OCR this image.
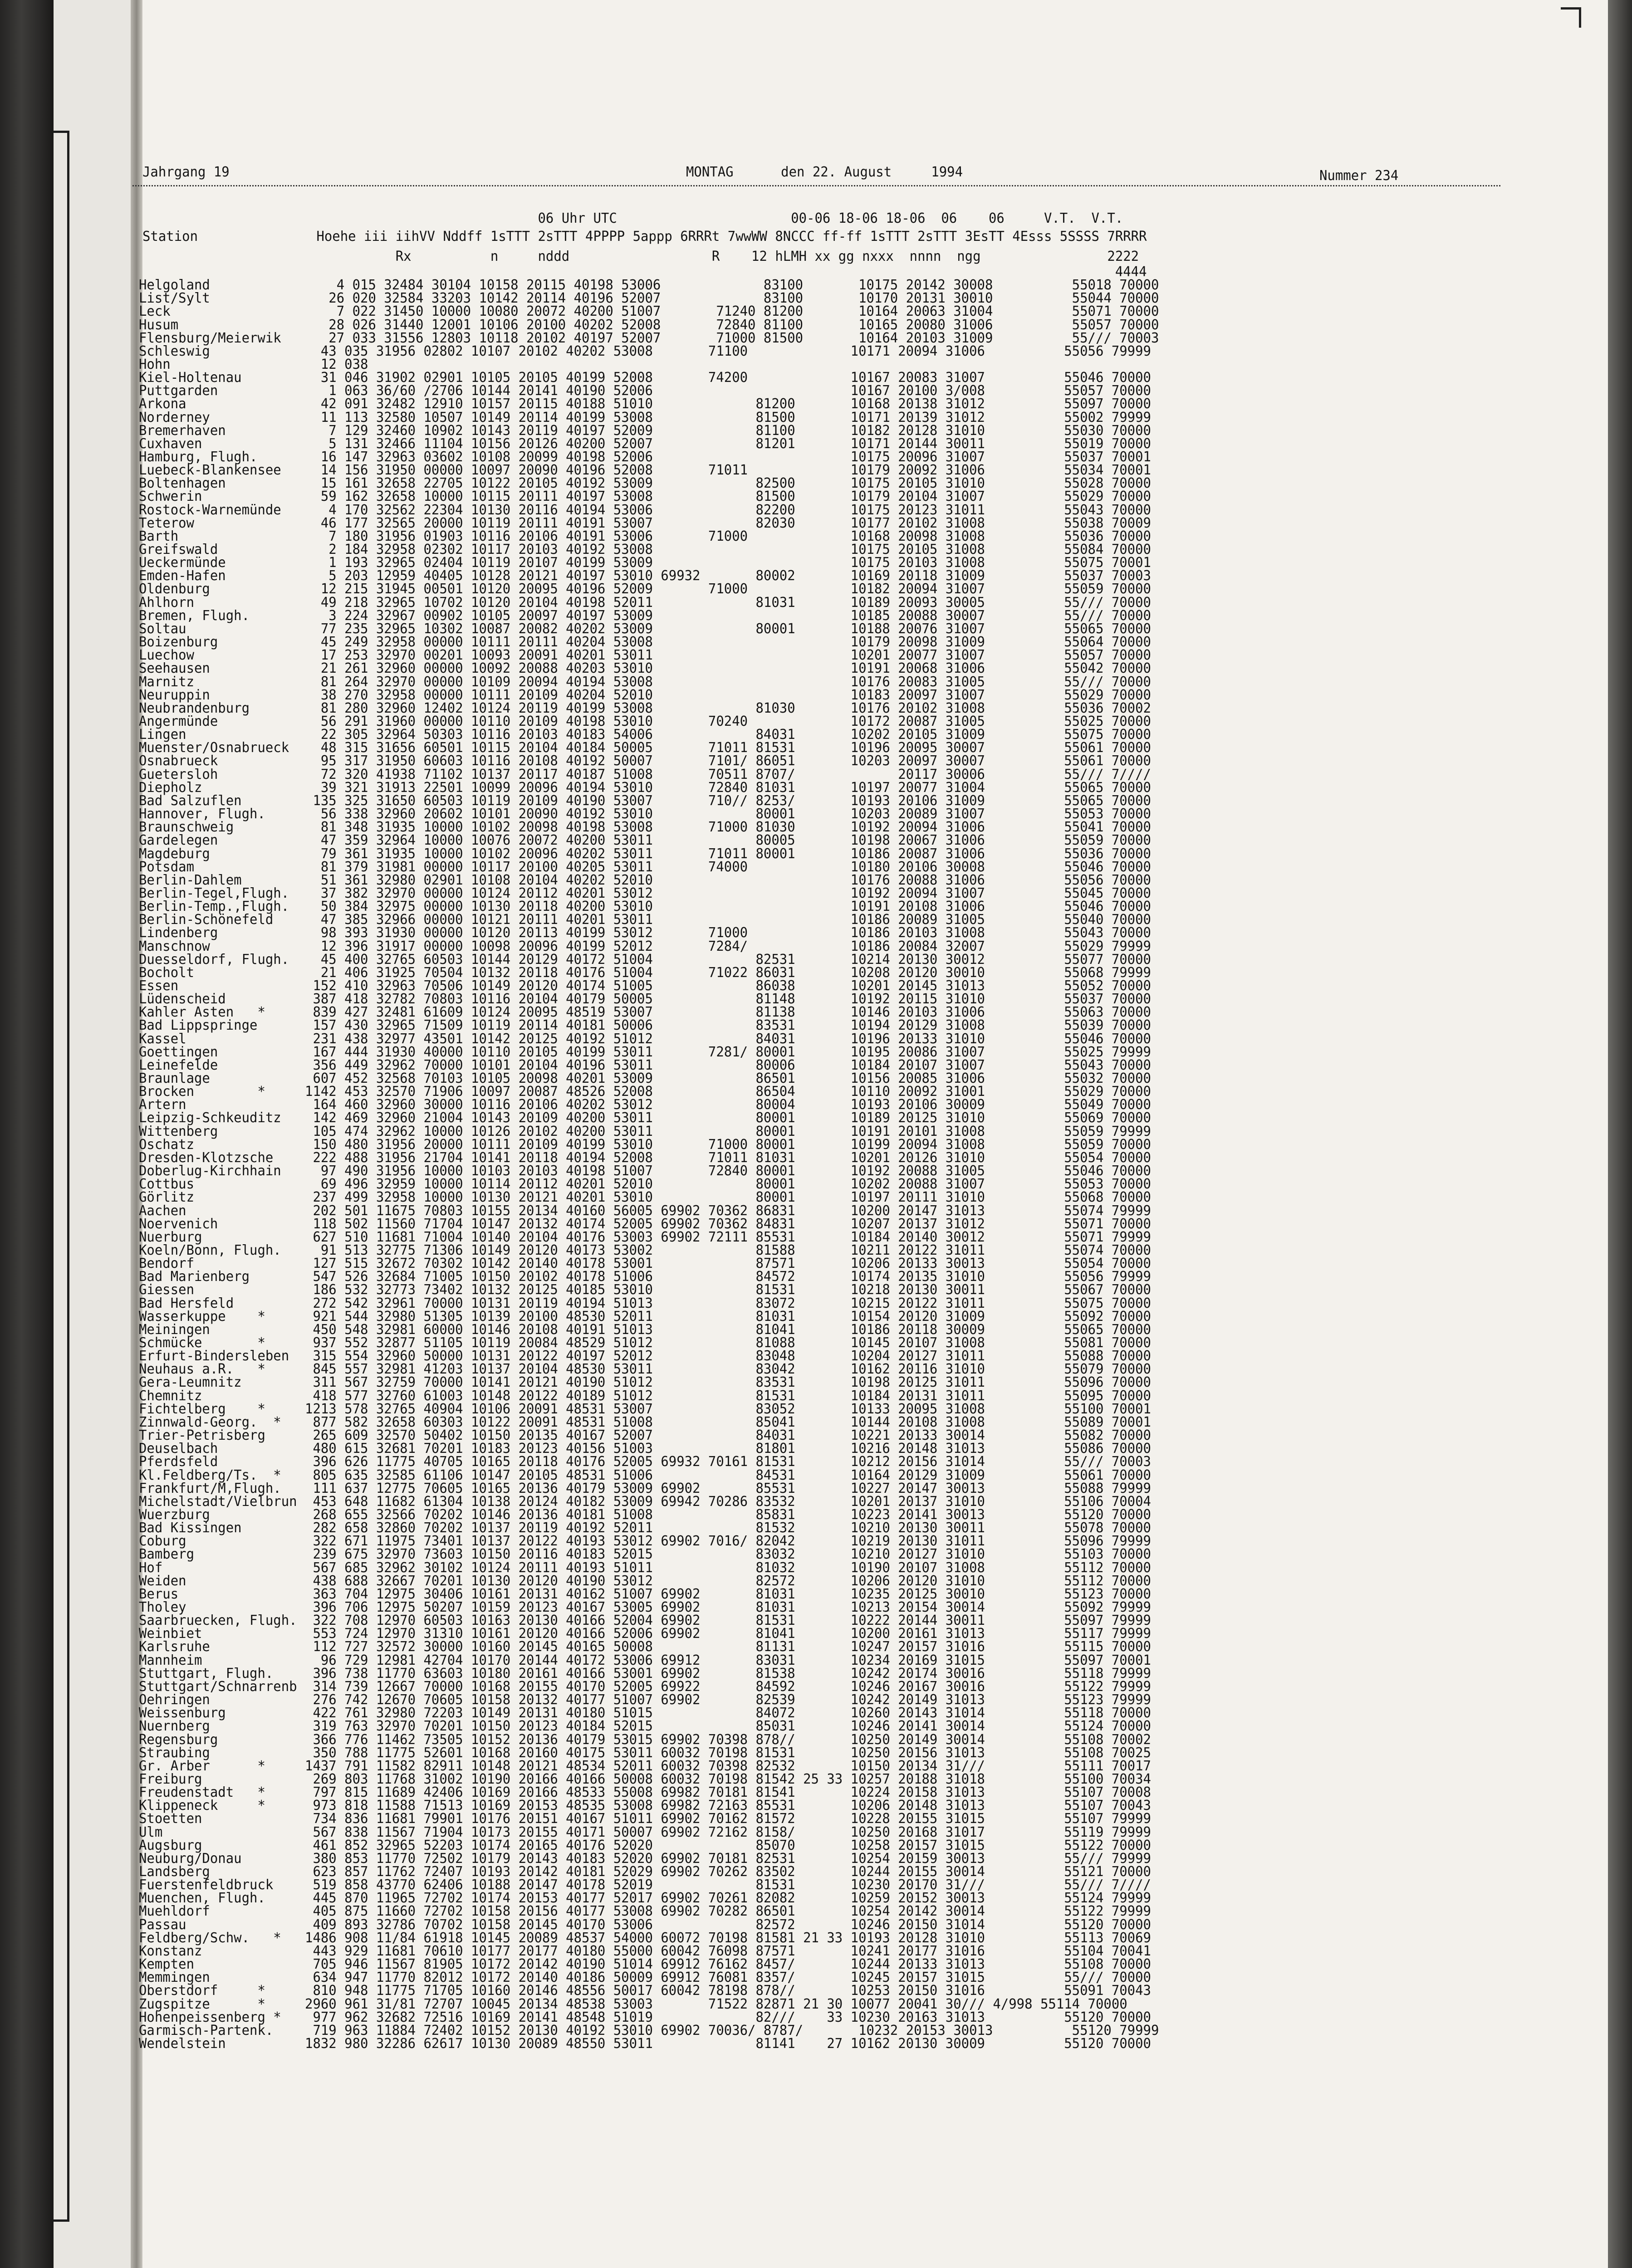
Jahrgang 19	MONTAG      den 22. August     1994	Nummer 234
06 Uhr UTC                      00-06 18-06 18-06  06    06     V.T.  V.T.
Station               Hoehe iii iihVV Nddff 1sTTT 2sTTT 4PPPP 5appp 6RRRt 7wwWW 8NCCC ff-ff 1sTTT 2sTTT 3EsTT 4Esss 5SSSS 7RRRR
Rx          n     nddd                  R    12 hLMH xx gg nxxx  nnnn  ngg                2222
4444
Helgoland                4 015 32484 30104 10158 20115 40198 53006             83100       10175 20142 30008          55018 70000
List/Sylt               26 020 32584 33203 10142 20114 40196 52007             83100       10170 20131 30010          55044 70000
Leck                     7 022 31450 10000 10080 20072 40200 51007       71240 81200       10164 20063 31004          55071 70000
Husum                   28 026 31440 12001 10106 20100 40202 52008       72840 81100       10165 20080 31006          55057 70000
Flensburg/Meierwik      27 033 31556 12803 10118 20102 40197 52007       71000 81500       10164 20103 31009          55/// 70003
Schleswig              43 035 31956 02802 10107 20102 40202 53008       71100             10171 20094 31006          55056 79999
Hohn                   12 038
Kiel-Holtenau          31 046 31902 02901 10105 20105 40199 52008       74200             10167 20083 31007          55046 70000
Puttgarden              1 063 36/60 /2706 10144 20141 40190 52006                         10167 20100 3/008          55057 70000
Arkona                 42 091 32482 12910 10157 20115 40188 51010             81200       10168 20138 31012          55097 70000
Norderney              11 113 32580 10507 10149 20114 40199 53008             81500       10171 20139 31012          55002 79999
Bremerhaven             7 129 32460 10902 10143 20119 40197 52009             81100       10182 20128 31010          55030 70000
Cuxhaven                5 131 32466 11104 10156 20126 40200 52007             81201       10171 20144 30011          55019 70000
Hamburg, Flugh.        16 147 32963 03602 10108 20099 40198 52006                         10175 20096 31007          55037 70001
Luebeck-Blankensee     14 156 31950 00000 10097 20090 40196 52008       71011             10179 20092 31006          55034 70001
Boltenhagen            15 161 32658 22705 10122 20105 40192 53009             82500       10175 20105 31010          55028 70000
Schwerin               59 162 32658 10000 10115 20111 40197 53008             81500       10179 20104 31007          55029 70000
Rostock-Warnemünde      4 170 32562 22304 10130 20116 40194 53006             82200       10175 20123 31011          55043 70000
Teterow                46 177 32565 20000 10119 20111 40191 53007             82030       10177 20102 31008          55038 70009
Barth                   7 180 31956 01903 10116 20106 40191 53006       71000             10168 20098 31008          55036 70000
Greifswald              2 184 32958 02302 10117 20103 40192 53008                         10175 20105 31008          55084 70000
Ueckermünde             1 193 32965 02404 10119 20107 40199 53009                         10175 20103 31008          55075 70001
Emden-Hafen             5 203 12959 40405 10128 20121 40197 53010 69932       80002       10169 20118 31009          55037 70003
Oldenburg              12 215 31945 00501 10120 20095 40196 52009       71000             10182 20094 31007          55059 70000
Ahlhorn                49 218 32965 10702 10120 20104 40198 52011             81031       10189 20093 30005          55/// 70000
Bremen, Flugh.          3 224 32967 00902 10105 20097 40197 53009                         10185 20088 30007          55/// 70000
Soltau                 77 235 32965 10302 10087 20082 40202 53009             80001       10188 20076 31007          55065 70000
Boizenburg             45 249 32958 00000 10111 20111 40204 53008                         10179 20098 31009          55064 70000
Luechow                17 253 32970 00201 10093 20091 40201 53011                         10201 20077 31007          55057 70000
Seehausen              21 261 32960 00000 10092 20088 40203 53010                         10191 20068 31006          55042 70000
Marnitz                81 264 32970 00000 10109 20094 40194 53008                         10176 20083 31005          55/// 70000
Neuruppin              38 270 32958 00000 10111 20109 40204 52010                         10183 20097 31007          55029 70000
Neubrandenburg         81 280 32960 12402 10124 20119 40199 53008             81030       10176 20102 31008          55036 70002
Angermünde             56 291 31960 00000 10110 20109 40198 53010       70240             10172 20087 31005          55025 70000
Lingen                 22 305 32964 50303 10116 20103 40183 54006             84031       10202 20105 31009          55075 70000
Muenster/Osnabrueck    48 315 31656 60501 10115 20104 40184 50005       71011 81531       10196 20095 30007          55061 70000
Osnabrueck             95 317 31950 60603 10116 20108 40192 50007       7101/ 86051       10203 20097 30007          55061 70000
Guetersloh             72 320 41938 71102 10137 20117 40187 51008       70511 8707/             20117 30006          55/// 7////
Diepholz               39 321 31913 22501 10099 20096 40194 53010       72840 81031       10197 20077 31004          55065 70000
Bad Salzuflen         135 325 31650 60503 10119 20109 40190 53007       710// 8253/       10193 20106 31009          55065 70000
Hannover, Flugh.       56 338 32960 20602 10101 20090 40192 53010             80001       10203 20089 31007          55053 70000
Braunschweig           81 348 31935 10000 10102 20098 40198 53008       71000 81030       10192 20094 31006          55041 70000
Gardelegen             47 359 32964 10000 10076 20072 40200 53011             80005       10198 20067 31006          55059 70000
Magdeburg              79 361 31935 10000 10102 20096 40202 53011       71011 80001       10186 20087 31006          55036 70000
Potsdam                81 379 31981 00000 10117 20100 40205 53011       74000             10180 20106 30008          55046 70000
Berlin-Dahlem          51 361 32980 02901 10108 20104 40202 52010                         10176 20088 31006          55056 70000
Berlin-Tegel,Flugh.    37 382 32970 00000 10124 20112 40201 53012                         10192 20094 31007          55045 70000
Berlin-Temp.,Flugh.    50 384 32975 00000 10130 20118 40200 53010                         10191 20108 31006          55046 70000
Berlin-Schönefeld      47 385 32966 00000 10121 20111 40201 53011                         10186 20089 31005          55040 70000
Lindenberg             98 393 31930 00000 10120 20113 40199 53012       71000             10186 20103 31008          55043 70000
Manschnow              12 396 31917 00000 10098 20096 40199 52012       7284/             10186 20084 32007          55029 79999
Duesseldorf, Flugh.    45 400 32765 60503 10144 20129 40172 51004             82531       10214 20130 30012          55077 70000
Bocholt                21 406 31925 70504 10132 20118 40176 51004       71022 86031       10208 20120 30010          55068 79999
Essen                 152 410 32963 70506 10149 20120 40174 51005             86038       10201 20145 31013          55052 70000
Lüdenscheid           387 418 32782 70803 10116 20104 40179 50005             81148       10192 20115 31010          55037 70000
Kahler Asten   *      839 427 32481 61609 10124 20095 48519 53007             81138       10146 20103 31006          55063 70000
Bad Lippspringe       157 430 32965 71509 10119 20114 40181 50006             83531       10194 20129 31008          55039 70000
Kassel                231 438 32977 43501 10142 20125 40192 51012             84031       10196 20133 31010          55046 70000
Goettingen            167 444 31930 40000 10110 20105 40199 53011       7281/ 80001       10195 20086 31007          55025 79999
Leinefelde            356 449 32962 70000 10101 20104 40196 53011             80006       10184 20107 31007          55043 70000
Braunlage             607 452 32568 70103 10105 20098 40201 53009             86501       10156 20085 31006          55032 70000
Brocken        *     1142 453 32570 71906 10097 20087 48526 52008             86504       10110 20092 31001          55029 70000
Artern                164 460 32960 30000 10116 20106 40202 53012             80004       10193 20106 30009          55049 70000
Leipzig-Schkeuditz    142 469 32960 21004 10143 20109 40200 53011             80001       10189 20125 31010          55069 70000
Wittenberg            105 474 32962 10000 10126 20102 40200 53011             80001       10191 20101 31008          55059 79999
Oschatz               150 480 31956 20000 10111 20109 40199 53010       71000 80001       10199 20094 31008          55059 70000
Dresden-Klotzsche     222 488 31956 21704 10141 20118 40194 52008       71011 81031       10201 20126 31010          55054 70000
Doberlug-Kirchhain     97 490 31956 10000 10103 20103 40198 51007       72840 80001       10192 20088 31005          55046 70000
Cottbus                69 496 32959 10000 10114 20112 40201 52010             80001       10202 20088 31007          55053 70000
Görlitz               237 499 32958 10000 10130 20121 40201 53010             80001       10197 20111 31010          55068 70000
Aachen                202 501 11675 70803 10155 20134 40160 56005 69902 70362 86831       10200 20147 31013          55074 79999
Noervenich            118 502 11560 71704 10147 20132 40174 52005 69902 70362 84831       10207 20137 31012          55071 70000
Nuerburg              627 510 11681 71004 10140 20104 40176 53003 69902 72111 85531       10184 20140 30012          55071 79999
Koeln/Bonn, Flugh.     91 513 32775 71306 10149 20120 40173 53002             81588       10211 20122 31011          55074 70000
Bendorf               127 515 32672 70302 10142 20140 40178 53001             87571       10206 20133 30013          55054 70000
Bad Marienberg        547 526 32684 71005 10150 20102 40178 51006             84572       10174 20135 31010          55056 79999
Giessen               186 532 32773 73402 10132 20125 40185 53010             81531       10218 20130 30011          55067 70000
Bad Hersfeld          272 542 32961 70000 10131 20119 40194 51013             83072       10215 20122 31011          55075 70000
Wasserkuppe    *      921 544 32980 51305 10139 20100 48530 52011             81031       10154 20120 31009          55092 70000
Meiningen             450 548 32981 60000 10146 20108 40191 51013             81041       10186 20118 30009          55065 70000
Schmücke       *      937 552 32877 51105 10119 20084 48529 51012             81088       10145 20107 31008          55081 70000
Erfurt-Bindersleben   315 554 32960 50000 10131 20122 40197 52012             83048       10204 20127 31011          55088 70000
Neuhaus a.R.   *      845 557 32981 41203 10137 20104 48530 53011             83042       10162 20116 31010          55079 70000
Gera-Leumnitz         311 567 32759 70000 10141 20121 40190 51012             83531       10198 20125 31011          55096 70000
Chemnitz              418 577 32760 61003 10148 20122 40189 51012             81531       10184 20131 31011          55095 70000
Fichtelberg    *     1213 578 32765 40904 10106 20091 48531 53007             83052       10133 20095 31008          55100 70001
Zinnwald-Georg.  *    877 582 32658 60303 10122 20091 48531 51008             85041       10144 20108 31008          55089 70001
Trier-Petrisberg      265 609 32570 50402 10150 20135 40167 52007             84031       10221 20133 30014          55082 70000
Deuselbach            480 615 32681 70201 10183 20123 40156 51003             81801       10216 20148 31013          55086 70000
Pferdsfeld            396 626 11775 40705 10165 20118 40176 52005 69932 70161 81531       10212 20156 31014          55/// 70003
Kl.Feldberg/Ts.  *    805 635 32585 61106 10147 20105 48531 51006             84531       10164 20129 31009          55061 70000
Frankfurt/M,Flugh.    111 637 12775 70605 10165 20136 40179 53009 69902       85531       10227 20147 30013          55088 79999
Michelstadt/Vielbrun  453 648 11682 61304 10138 20124 40182 53009 69942 70286 83532       10201 20137 31010          55106 70004
Wuerzburg             268 655 32566 70202 10146 20136 40181 51008             85831       10223 20141 30013          55120 70000
Bad Kissingen         282 658 32860 70202 10137 20119 40192 52011             81532       10210 20130 30011          55078 70000
Coburg                322 671 11975 73401 10137 20122 40193 53012 69902 7016/ 82042       10219 20130 31011          55096 79999
Bamberg               239 675 32970 73603 10150 20116 40183 52015             83032       10210 20127 31010          55103 70000
Hof                   567 685 32962 30102 10124 20111 40193 51011             81032       10190 20107 31008          55112 70000
Weiden                438 688 32667 70201 10130 20120 40190 53012             82572       10206 20120 31010          55112 70000
Berus                 363 704 12975 30406 10161 20131 40162 51007 69902       81031       10235 20125 30010          55123 70000
Tholey                396 706 12975 50207 10159 20123 40167 53005 69902       81031       10213 20154 30014          55092 79999
Saarbruecken, Flugh.  322 708 12970 60503 10163 20130 40166 52004 69902       81531       10222 20144 30011          55097 79999
Weinbiet              553 724 12970 31310 10161 20120 40166 52006 69902       81041       10200 20161 31013          55117 79999
Karlsruhe             112 727 32572 30000 10160 20145 40165 50008             81131       10247 20157 31016          55115 70000
Mannheim               96 729 12981 42704 10170 20144 40172 53006 69912       83031       10234 20169 31015          55097 70001
Stuttgart, Flugh.     396 738 11770 63603 10180 20161 40166 53001 69902       81538       10242 20174 30016          55118 79999
Stuttgart/Schnarrenb  314 739 12667 70000 10168 20155 40170 52005 69922       84592       10246 20167 30016          55122 79999
Oehringen             276 742 12670 70605 10158 20132 40177 51007 69902       82539       10242 20149 31013          55123 79999
Weissenburg           422 761 32980 72203 10149 20131 40180 51015             84072       10260 20143 31014          55118 70000
Nuernberg             319 763 32970 70201 10150 20123 40184 52015             85031       10246 20141 30014          55124 70000
Regensburg            366 776 11462 73505 10152 20136 40179 53015 69902 70398 878//       10250 20149 30014          55108 70002
Straubing             350 788 11775 52601 10168 20160 40175 53011 60032 70198 81531       10250 20156 31013          55108 70025
Gr. Arber      *     1437 791 11582 82911 10148 20121 48534 52011 60032 70398 82532       10150 20134 31///          55111 70017
Freiburg              269 803 11768 31002 10190 20166 40166 50008 60032 70198 81542 25 33 10257 20188 31018          55100 70034
Freudenstadt   *      797 815 11689 42406 10169 20166 48533 55008 69982 70181 81541       10224 20158 31013          55107 70008
Klippeneck     *      973 818 11588 71513 10169 20153 48535 53008 69982 72163 85531       10206 20148 31013          55107 70043
Stoetten              734 836 11681 79901 10176 20151 40167 51011 69902 70162 81572       10228 20155 31015          55107 79999
Ulm                   567 838 11567 71904 10173 20155 40171 50007 69902 72162 8158/       10250 20168 31017          55119 79999
Augsburg              461 852 32965 52203 10174 20165 40176 52020             85070       10258 20157 31015          55122 70000
Neuburg/Donau         380 853 11770 72502 10179 20143 40183 52020 69902 70181 82531       10254 20159 30013          55/// 79999
Landsberg             623 857 11762 72407 10193 20142 40181 52029 69902 70262 83502       10244 20155 30014          55121 70000
Fuerstenfeldbruck     519 858 43770 62406 10188 20147 40178 52019             81531       10230 20170 31///          55/// 7////
Muenchen, Flugh.      445 870 11965 72702 10174 20153 40177 52017 69902 70261 82082       10259 20152 30013          55124 79999
Muehldorf             405 875 11660 72702 10158 20156 40177 53008 69902 70282 86501       10254 20142 30014          55122 79999
Passau                409 893 32786 70702 10158 20145 40170 53006             82572       10246 20150 31014          55120 70000
Feldberg/Schw.   *   1486 908 11/84 61918 10145 20089 48537 54000 60072 70198 81581 21 33 10193 20128 31010          55113 70069
Konstanz              443 929 11681 70610 10177 20177 40180 55000 60042 76098 87571       10241 20177 31016          55104 70041
Kempten               705 946 11567 81905 10172 20142 40190 51014 69912 76162 8457/       10244 20133 31013          55108 70000
Memmingen             634 947 11770 82012 10172 20140 40186 50009 69912 76081 8357/       10245 20157 31015          55/// 70000
Oberstdorf     *      810 948 11775 71705 10160 20146 48556 50017 60042 78198 878//       10253 20150 31016          55091 70043
Zugspitze      *     2960 961 31/81 72707 10045 20134 48538 53003       71522 82871 21 30 10077 20041 30/// 4/998 55114 70000
Hohenpeissenberg *    977 962 32682 72516 10169 20141 48548 51019             82///    33 10230 20163 31013          55120 70000
Garmisch-Partenk.     719 963 11884 72402 10152 20130 40192 53010 69902 70036/ 8787/       10232 20153 30013          55120 79999
Wendelstein          1832 980 32286 62617 10130 20089 48550 53011             81141    27 10162 20130 30009          55120 70000
